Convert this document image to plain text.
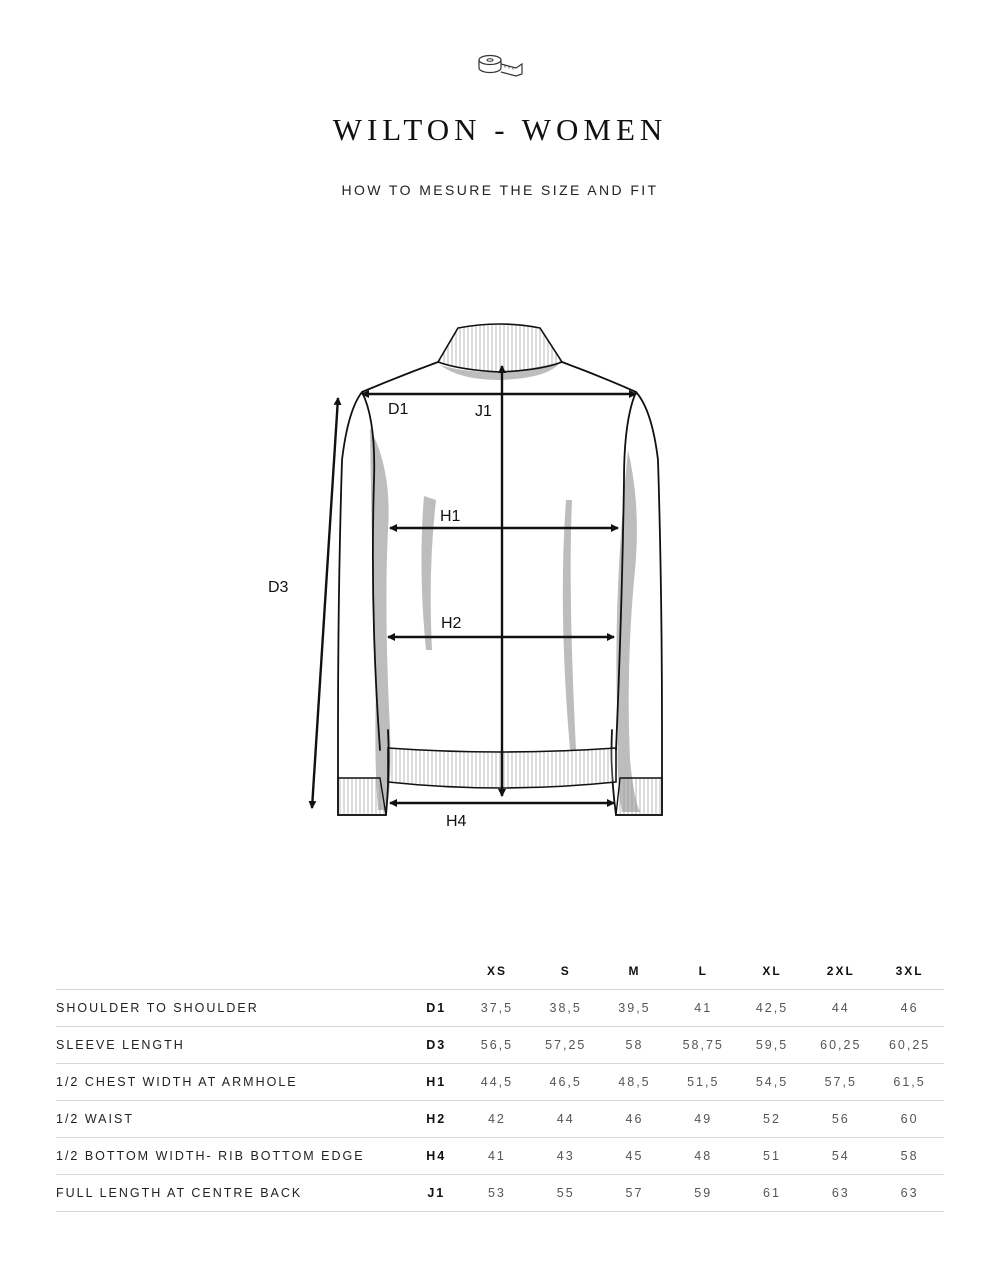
WILTON - WOMEN
HOW TO MESURE THE SIZE AND FIT
D1	J1
H1
H2
D3
H4
		XS	S	M	L	XL	2XL	3XL
SHOULDER TO SHOULDER	D1	37,5	38,5	39,5	41	42,5	44	46
SLEEVE LENGTH	D3	56,5	57,25	58	58,75	59,5	60,25	60,25
1/2 CHEST WIDTH AT ARMHOLE	H1	44,5	46,5	48,5	51,5	54,5	57,5	61,5
1/2 WAIST	H2	42	44	46	49	52	56	60
1/2 BOTTOM WIDTH- RIB BOTTOM EDGE	H4	41	43	45	48	51	54	58
FULL LENGTH AT CENTRE BACK	J1	53	55	57	59	61	63	63
